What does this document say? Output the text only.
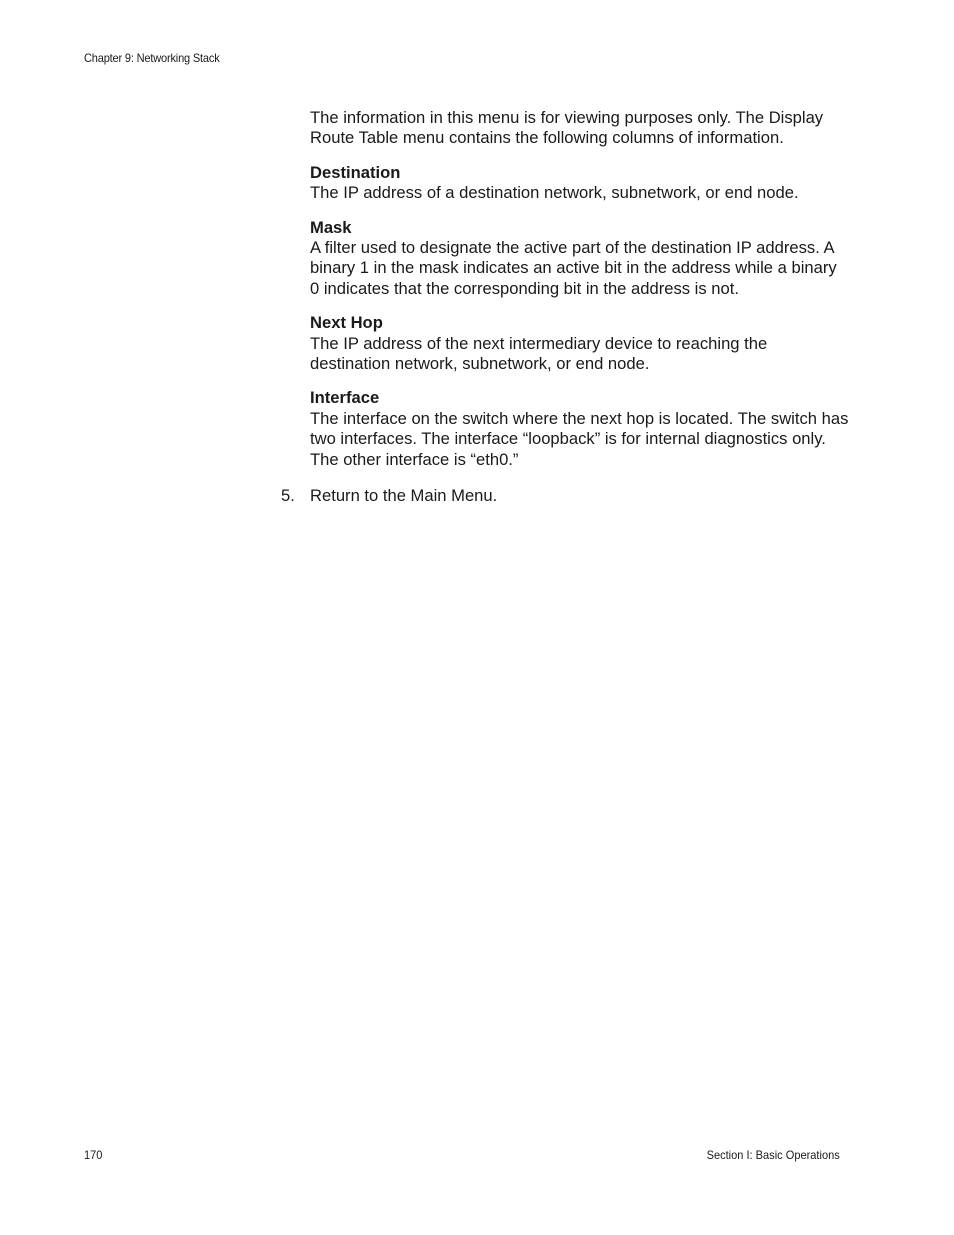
Chapter 9: Networking Stack

The information in this menu is for viewing purposes only. The Display Route Table menu contains the following columns of information.

Destination

The IP address of a destination network, subnetwork, or end node.

Mask

A filter used to designate the active part of the destination IP address. A binary 1 in the mask indicates an active bit in the address while a binary 0 indicates that the corresponding bit in the address is not.

Next Hop

The IP address of the next intermediary device to reaching the destination network, subnetwork, or end node.

Interface

The interface on the switch where the next hop is located. The switch has two interfaces. The interface “loopback” is for internal diagnostics only. The other interface is “eth0.”

5. Return to the Main Menu.
170	Section I: Basic Operations
